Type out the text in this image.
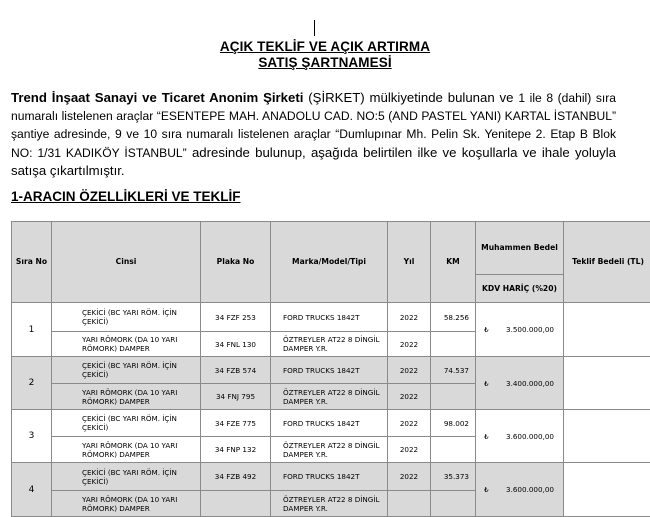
AÇIK TEKLİF VE AÇIK ARTIRMA
SATIŞ ŞARTNAMESİ
Trend İnşaat Sanayi ve Ticaret Anonim Şirketi (ŞİRKET) mülkiyetinde bulunan ve 1 ile 8 (dahil) sıra numaralı listelenen araçlar “ESENTEPE MAH. ANADOLU CAD. NO:5 (AND PASTEL YANI) KARTAL İSTANBUL” şantiye adresinde, 9 ve 10 sıra numaralı listelenen araçlar “Dumlupınar Mh. Pelin Sk. Yenitepe 2. Etap B Blok NO: 1/31 KADIKÖY İSTANBUL” adresinde bulunup, aşağıda belirtilen ilke ve koşullarla ve ihale yoluyla satışa çıkartılmıştır.
1-ARACIN ÖZELLİKLERİ VE TEKLİF
Sıra No	Cinsi	Plaka No	Marka/Model/Tipi	Yıl	KM	Muhammen Bedel	Teklif Bedeli (TL)
						KDV HARİÇ (%20)	
1	ÇEKİCİ (BC YARI RÖM. İÇİN ÇEKİCİ)	34 FZF 253	FORD TRUCKS 1842T	2022	58.256	₺ 3.500.000,00	
	YARI RÖMORK (DA 10 YARI RÖMORK) DAMPER	34 FNL 130	ÖZTREYLER AT22 8 DİNGİL DAMPER Y.R.	2022			
2	ÇEKİCİ (BC YARI RÖM. İÇİN ÇEKİCİ)	34 FZB 574	FORD TRUCKS 1842T	2022	74.537	₺ 3.400.000,00	
	YARI RÖMORK (DA 10 YARI RÖMORK) DAMPER	34 FNJ 795	ÖZTREYLER AT22 8 DİNGİL DAMPER Y.R.	2022			
3	ÇEKİCİ (BC YARI RÖM. İÇİN ÇEKİCİ)	34 FZE 775	FORD TRUCKS 1842T	2022	98.002	₺ 3.600.000,00	
	YARI RÖMORK (DA 10 YARI RÖMORK) DAMPER	34 FNP 132	ÖZTREYLER AT22 8 DİNGİL DAMPER Y.R.	2022			
4	ÇEKİCİ (BC YARI RÖM. İÇİN ÇEKİCİ)	34 FZB 492	FORD TRUCKS 1842T	2022	35.373	₺ 3.600.000,00	
	YARI RÖMORK (DA 10 YARI RÖMORK) DAMPER		ÖZTREYLER AT22 8 DİNGİL DAMPER Y.R.				
